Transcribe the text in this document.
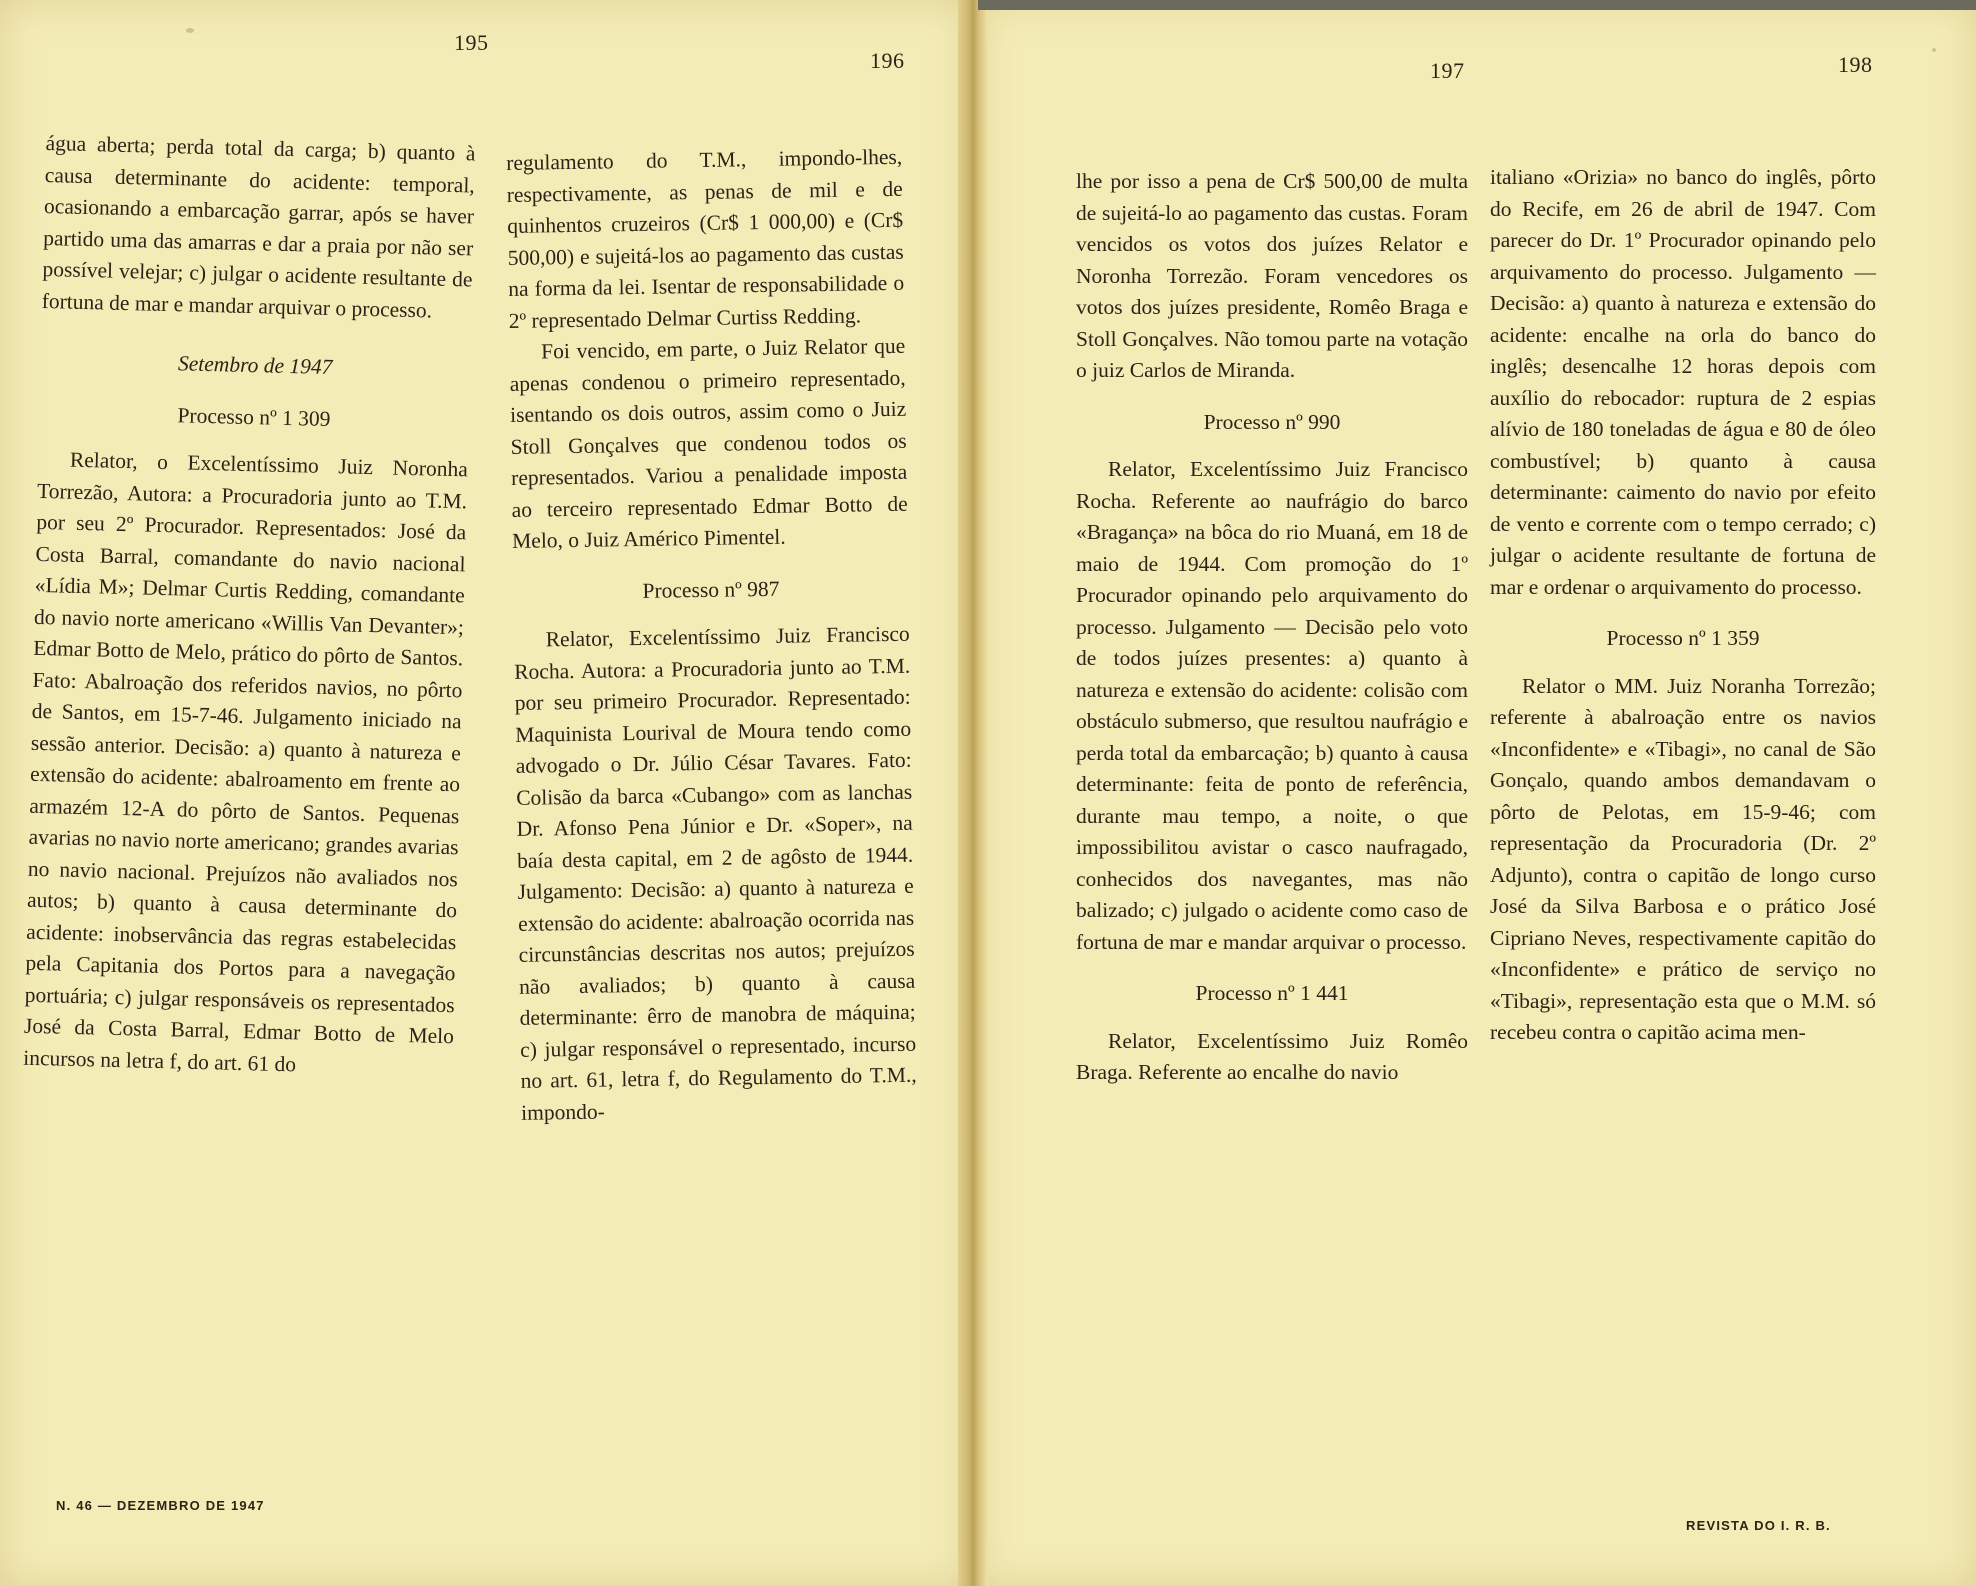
195
196	197	198

água aberta; perda total da carga; b) quanto à causa determinante do acidente: temporal, ocasionando a embarcação garrar, após se haver partido uma das amarras e dar a praia por não ser possível velejar; c) julgar o acidente resultante de fortuna de mar e mandar arquivar o processo.

Setembro de 1947

Processo nº 1 309

Relator, o Excelentíssimo Juiz Noronha Torrezão, Autora: a Procuradoria junto ao T.M. por seu 2º Procurador. Representados: José da Costa Barral, comandante do navio nacional «Lídia M»; Delmar Curtis Redding, comandante do navio norte americano «Willis Van Devanter»; Edmar Botto de Melo, prático do pôrto de Santos. Fato: Abalroação dos referidos navios, no pôrto de Santos, em 15-7-46. Julgamento iniciado na sessão anterior. Decisão: a) quanto à natureza e extensão do acidente: abalroamento em frente ao armazém 12-A do pôrto de Santos. Pequenas avarias no navio norte americano; grandes avarias no navio nacional. Prejuízos não avaliados nos autos; b) quanto à causa determinante do acidente: inobservância das regras estabelecidas pela Capitania dos Portos para a navegação portuária; c) julgar responsáveis os representados José da Costa Barral, Edmar Botto de Melo incursos na letra f, do art. 61 do

regulamento do T.M., impondo-lhes, respectivamente, as penas de mil e de quinhentos cruzeiros (Cr$ 1 000,00) e (Cr$ 500,00) e sujeitá-los ao pagamento das custas na forma da lei. Isentar de responsabilidade o 2º representado Delmar Curtiss Redding.

Foi vencido, em parte, o Juiz Relator que apenas condenou o primeiro representado, isentando os dois outros, assim como o Juiz Stoll Gonçalves que condenou todos os representados. Variou a penalidade imposta ao terceiro representado Edmar Botto de Melo, o Juiz Américo Pimentel.

Processo nº 987

Relator, Excelentíssimo Juiz Francisco Rocha. Autora: a Procuradoria junto ao T.M. por seu primeiro Procurador. Representado: Maquinista Lourival de Moura tendo como advogado o Dr. Júlio César Tavares. Fato: Colisão da barca «Cubango» com as lanchas Dr. Afonso Pena Júnior e Dr. «Soper», na baía desta capital, em 2 de agôsto de 1944. Julgamento: Decisão: a) quanto à natureza e extensão do acidente: abalroação ocorrida nas circunstâncias descritas nos autos; prejuízos não avaliados; b) quanto à causa determinante: êrro de manobra de máquina; c) julgar responsável o representado, incurso no art. 61, letra f, do Regulamento do T.M., impondo-

lhe por isso a pena de Cr$ 500,00 de multa de sujeitá-lo ao pagamento das custas. Foram vencidos os votos dos juízes Relator e Noronha Torrezão. Foram vencedores os votos dos juízes presidente, Romêo Braga e Stoll Gonçalves. Não tomou parte na votação o juiz Carlos de Miranda.

Processo nº 990

Relator, Excelentíssimo Juiz Francisco Rocha. Referente ao naufrágio do barco «Bragança» na bôca do rio Muaná, em 18 de maio de 1944. Com promoção do 1º Procurador opinando pelo arquivamento do processo. Julgamento — Decisão pelo voto de todos juízes presentes: a) quanto à natureza e extensão do acidente: colisão com obstáculo submerso, que resultou naufrágio e perda total da embarcação; b) quanto à causa determinante: feita de ponto de referência, durante mau tempo, a noite, o que impossibilitou avistar o casco naufragado, conhecidos dos navegantes, mas não balizado; c) julgado o acidente como caso de fortuna de mar e mandar arquivar o processo.

Processo nº 1 441

Relator, Excelentíssimo Juiz Romêo Braga. Referente ao encalhe do navio

italiano «Orizia» no banco do inglês, pôrto do Recife, em 26 de abril de 1947. Com parecer do Dr. 1º Procurador opinando pelo arquivamento do processo. Julgamento — Decisão: a) quanto à natureza e extensão do acidente: encalhe na orla do banco do inglês; desencalhe 12 horas depois com auxílio do rebocador: ruptura de 2 espias alívio de 180 toneladas de água e 80 de óleo combustível; b) quanto à causa determinante: caimento do navio por efeito de vento e corrente com o tempo cerrado; c) julgar o acidente resultante de fortuna de mar e ordenar o arquivamento do processo.

Processo nº 1 359

Relator o MM. Juiz Noranha Torrezão; referente à abalroação entre os navios «Inconfidente» e «Tibagi», no canal de São Gonçalo, quando ambos demandavam o pôrto de Pelotas, em 15-9-46; com representação da Procuradoria (Dr. 2º Adjunto), contra o capitão de longo curso José da Silva Barbosa e o prático José Cipriano Neves, respectivamente capitão do «Inconfidente» e prático de serviço no «Tibagi», representação esta que o M.M. só recebeu contra o capitão acima men-

N. 46 — DEZEMBRO DE 1947
REVISTA DO I. R. B.
